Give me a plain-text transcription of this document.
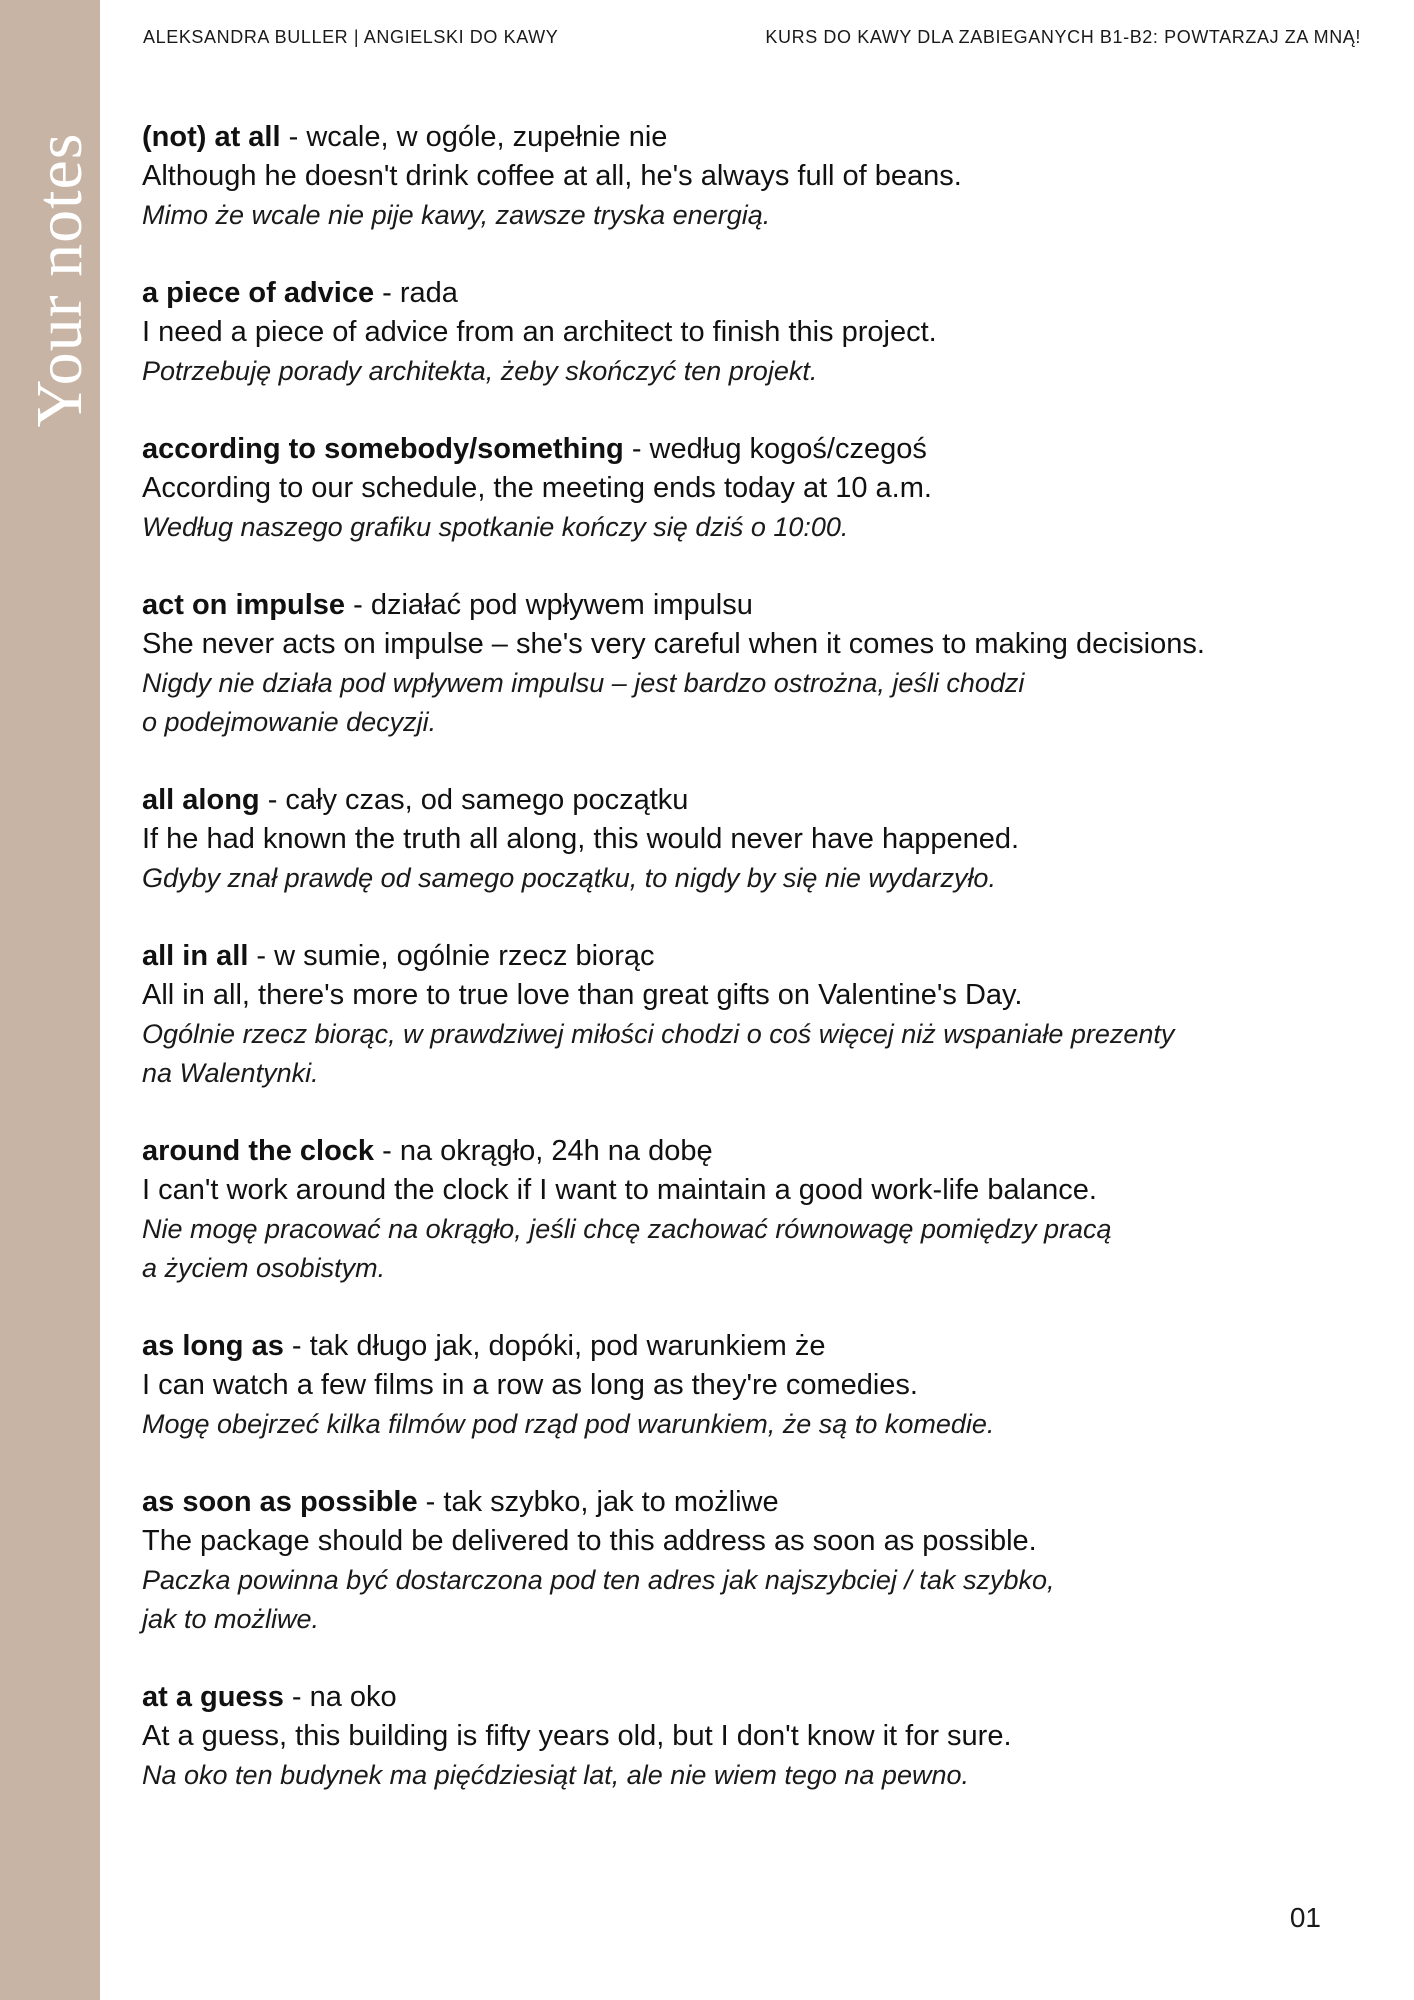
Your notes
ALEKSANDRA BULLER | ANGIELSKI DO KAWY	KURS DO KAWY DLA ZABIEGANYCH B1-B2: POWTARZAJ ZA MNĄ!
(not) at all - wcale, w ogóle, zupełnie nie
Although he doesn't drink coffee at all, he's always full of beans.
Mimo że wcale nie pije kawy, zawsze tryska energią.
a piece of advice - rada
I need a piece of advice from an architect to finish this project.
Potrzebuję porady architekta, żeby skończyć ten projekt.
according to somebody/something - według kogoś/czegoś
According to our schedule, the meeting ends today at 10 a.m.
Według naszego grafiku spotkanie kończy się dziś o 10:00.
act on impulse - działać pod wpływem impulsu
She never acts on impulse – she's very careful when it comes to making decisions.
Nigdy nie działa pod wpływem impulsu – jest bardzo ostrożna, jeśli chodzi
o podejmowanie decyzji.
all along - cały czas, od samego początku
If he had known the truth all along, this would never have happened.
Gdyby znał prawdę od samego początku, to nigdy by się nie wydarzyło.
all in all - w sumie, ogólnie rzecz biorąc
All in all, there's more to true love than great gifts on Valentine's Day.
Ogólnie rzecz biorąc, w prawdziwej miłości chodzi o coś więcej niż wspaniałe prezenty
na Walentynki.
around the clock - na okrągło, 24h na dobę
I can't work around the clock if I want to maintain a good work-life balance.
Nie mogę pracować na okrągło, jeśli chcę zachować równowagę pomiędzy pracą
a życiem osobistym.
as long as - tak długo jak, dopóki, pod warunkiem że
I can watch a few films in a row as long as they're comedies.
Mogę obejrzeć kilka filmów pod rząd pod warunkiem, że są to komedie.
as soon as possible - tak szybko, jak to możliwe
The package should be delivered to this address as soon as possible.
Paczka powinna być dostarczona pod ten adres jak najszybciej / tak szybko,
jak to możliwe.
at a guess - na oko
At a guess, this building is fifty years old, but I don't know it for sure.
Na oko ten budynek ma pięćdziesiąt lat, ale nie wiem tego na pewno.
01
